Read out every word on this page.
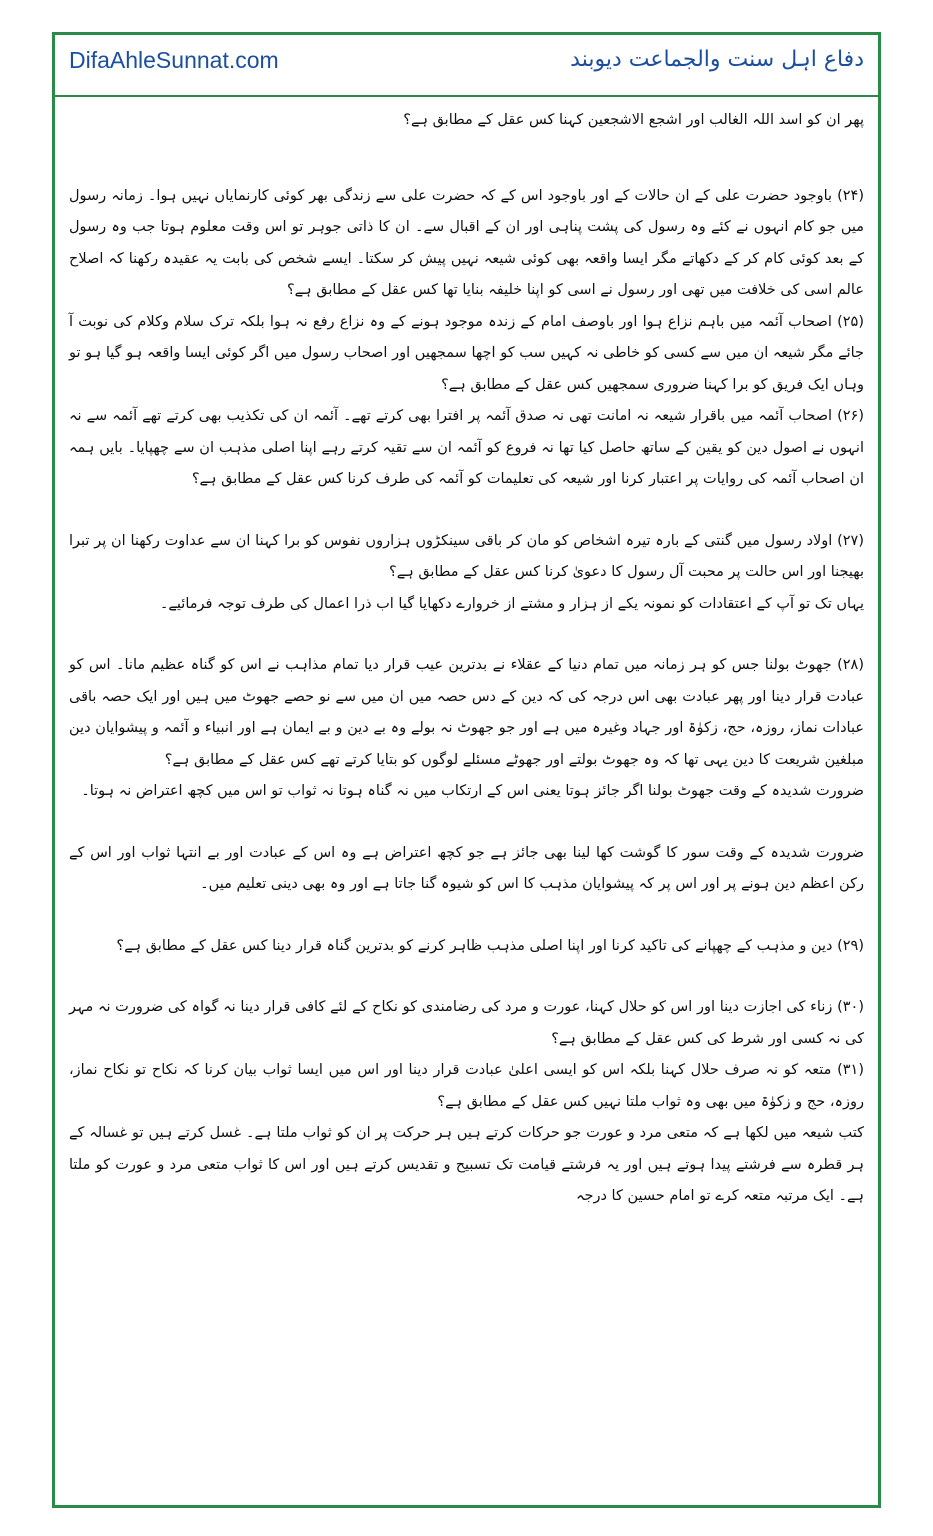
DifaAhleSunnat.com	دفاع اہل سنت والجماعت دیوبند

پھر ان کو اسد اللہ الغالب اور اشجع الاشجعین کہنا کس عقل کے مطابق ہے؟

(۲۴) باوجود حضرت علی کے ان حالات کے اور باوجود اس کے کہ حضرت علی سے زندگی بھر کوئی کارنمایاں نہیں ہوا۔ زمانہ رسول میں جو کام انہوں نے کئے وہ رسول کی پشت پناہی اور ان کے اقبال سے۔ ان کا ذاتی جوہر تو اس وقت معلوم ہوتا جب وہ رسول کے بعد کوئی کام کر کے دکھاتے مگر ایسا واقعہ بھی کوئی شیعہ نہیں پیش کر سکتا۔ ایسے شخص کی بابت یہ عقیدہ رکھنا کہ اصلاح عالم اسی کی خلافت میں تھی اور رسول نے اسی کو اپنا خلیفہ بنایا تھا کس عقل کے مطابق ہے؟

(۲۵) اصحاب آئمہ میں باہم نزاع ہوا اور باوصف امام کے زندہ موجود ہونے کے وہ نزاع رفع نہ ہوا بلکہ ترک سلام وکلام کی نوبت آ جائے مگر شیعہ ان میں سے کسی کو خاطی نہ کہیں سب کو اچھا سمجھیں اور اصحاب رسول میں اگر کوئی ایسا واقعہ ہو گیا ہو تو وہاں ایک فریق کو برا کہنا ضروری سمجھیں کس عقل کے مطابق ہے؟

(۲۶) اصحاب آئمہ میں باقرار شیعہ نہ امانت تھی نہ صدق آئمہ پر افترا بھی کرتے تھے۔ آئمہ ان کی تکذیب بھی کرتے تھے آئمہ سے نہ انہوں نے اصول دین کو یقین کے ساتھ حاصل کیا تھا نہ فروع کو آئمہ ان سے تقیہ کرتے رہے اپنا اصلی مذہب ان سے چھپایا۔ بایں ہمہ ان اصحاب آئمہ کی روایات پر اعتبار کرنا اور شیعہ کی تعلیمات کو آئمہ کی طرف کرنا کس عقل کے مطابق ہے؟

(۲۷) اولاد رسول میں گنتی کے بارہ تیرہ اشخاص کو مان کر باقی سینکڑوں ہزاروں نفوس کو برا کہنا ان سے عداوت رکھنا ان پر تبرا بھیجنا اور اس حالت پر محبت آل رسول کا دعویٰ کرنا کس عقل کے مطابق ہے؟

یہاں تک تو آپ کے اعتقادات کو نمونہ یکے از ہزار و مشتے از خروارے دکھایا گیا اب ذرا اعمال کی طرف توجہ فرمائیے۔

(۲۸) جھوٹ بولنا جس کو ہر زمانہ میں تمام دنیا کے عقلاء نے بدترین عیب قرار دیا تمام مذاہب نے اس کو گناہ عظیم مانا۔ اس کو عبادت قرار دینا اور پھر عبادت بھی اس درجہ کی کہ دین کے دس حصہ میں ان میں سے نو حصے جھوٹ میں ہیں اور ایک حصہ باقی عبادات نماز، روزہ، حج، زکوٰۃ اور جہاد وغیرہ میں ہے اور جو جھوٹ نہ بولے وہ بے دین و بے ایمان ہے اور انبیاء و آئمہ و پیشوایان دین مبلغین شریعت کا دین یہی تھا کہ وہ جھوٹ بولتے اور جھوٹے مسئلے لوگوں کو بتایا کرتے تھے کس عقل کے مطابق ہے؟

ضرورت شدیدہ کے وقت جھوٹ بولنا اگر جائز ہوتا یعنی اس کے ارتکاب میں نہ گناہ ہوتا نہ ثواب تو اس میں کچھ اعتراض نہ ہوتا۔

ضرورت شدیدہ کے وقت سور کا گوشت کھا لینا بھی جائز ہے جو کچھ اعتراض ہے وہ اس کے عبادت اور بے انتہا ثواب اور اس کے رکن اعظم دین ہونے پر اور اس پر کہ پیشوایان مذہب کا اس کو شیوہ گنا جاتا ہے اور وہ بھی دینی تعلیم میں۔

(۲۹) دین و مذہب کے چھپانے کی تاکید کرنا اور اپنا اصلی مذہب ظاہر کرنے کو بدترین گناہ قرار دینا کس عقل کے مطابق ہے؟

(۳۰) زناء کی اجازت دینا اور اس کو حلال کہنا، عورت و مرد کی رضامندی کو نکاح کے لئے کافی قرار دینا نہ گواہ کی ضرورت نہ مہر کی نہ کسی اور شرط کی کس عقل کے مطابق ہے؟

(۳۱) متعہ کو نہ صرف حلال کہنا بلکہ اس کو ایسی اعلیٰ عبادت قرار دینا اور اس میں ایسا ثواب بیان کرنا کہ نکاح تو نکاح نماز، روزہ، حج و زکوٰۃ میں بھی وہ ثواب ملتا نہیں کس عقل کے مطابق ہے؟

کتب شیعہ میں لکھا ہے کہ متعی مرد و عورت جو حرکات کرتے ہیں ہر حرکت پر ان کو ثواب ملتا ہے۔ غسل کرتے ہیں تو غسالہ کے ہر قطرہ سے فرشتے پیدا ہوتے ہیں اور یہ فرشتے قیامت تک تسبیح و تقدیس کرتے ہیں اور اس کا ثواب متعی مرد و عورت کو ملتا ہے۔ ایک مرتبہ متعہ کرے تو امام حسین کا درجہ
